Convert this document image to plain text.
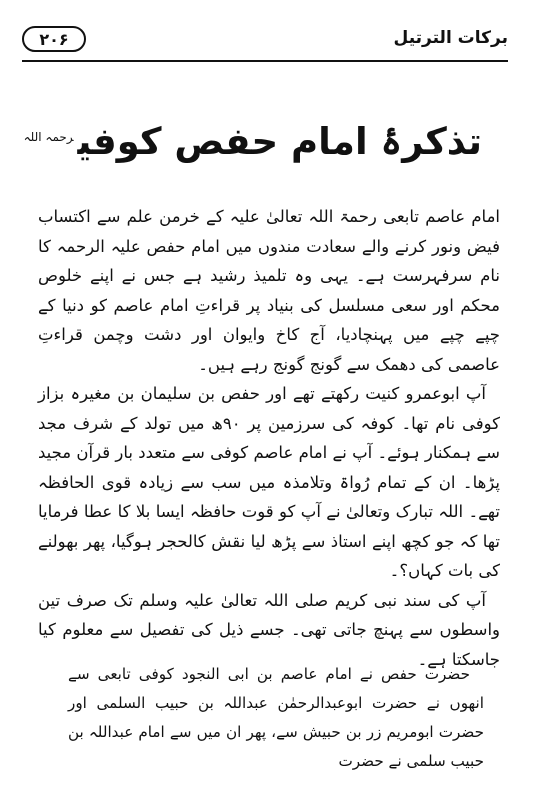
برکات الترتیل
۲۰۶
تذکرۂ امام حفص کوفی$^{رحمہ اللہ}$

امام عاصم تابعی رحمۃ اللہ تعالیٰ علیہ کے خرمن علم سے اکتساب فیض ونور کرنے والے سعادت مندوں میں امام حفص علیہ الرحمہ کا نام سرفہرست ہے۔ یہی وہ تلمیذ رشید ہے جس نے اپنے خلوص محکم اور سعی مسلسل کی بنیاد پر قراءتِ امام عاصم کو دنیا کے چپے چپے میں پہنچادیا، آج کاخ وایوان اور دشت وچمن قراءتِ عاصمی کی دھمک سے گونج گونج رہے ہیں۔

آپ ابوعمرو کنیت رکھتے تھے اور حفص بن سلیمان بن مغیرہ بزاز کوفی نام تھا۔ کوفہ کی سرزمین پر ۹۰ھ میں تولد کے شرف مجد سے ہمکنار ہوئے۔ آپ نے امام عاصم کوفی سے متعدد بار قرآن مجید پڑھا۔ ان کے تمام رُواۃ وتلامذہ میں سب سے زیادہ قوی الحافظہ تھے۔ اللہ تبارک وتعالیٰ نے آپ کو قوت حافظہ ایسا بلا کا عطا فرمایا تھا کہ جو کچھ اپنے استاذ سے پڑھ لیا نقش کالحجر ہوگیا، پھر بھولنے کی بات کہاں؟۔

آپ کی سند نبی کریم صلی اللہ تعالیٰ علیہ وسلم تک صرف تین واسطوں سے پہنچ جاتی تھی۔ جسے ذیل کی تفصیل سے معلوم کیا جاسکتا ہے۔

حضرت حفص نے امام عاصم بن ابی النجود کوفی تابعی سے انھوں نے حضرت ابوعبدالرحمٰن عبداللہ بن حبیب السلمی اور حضرت ابومریم زر بن حبیش سے، پھر ان میں سے امام عبداللہ بن حبیب سلمی نے حضرت
